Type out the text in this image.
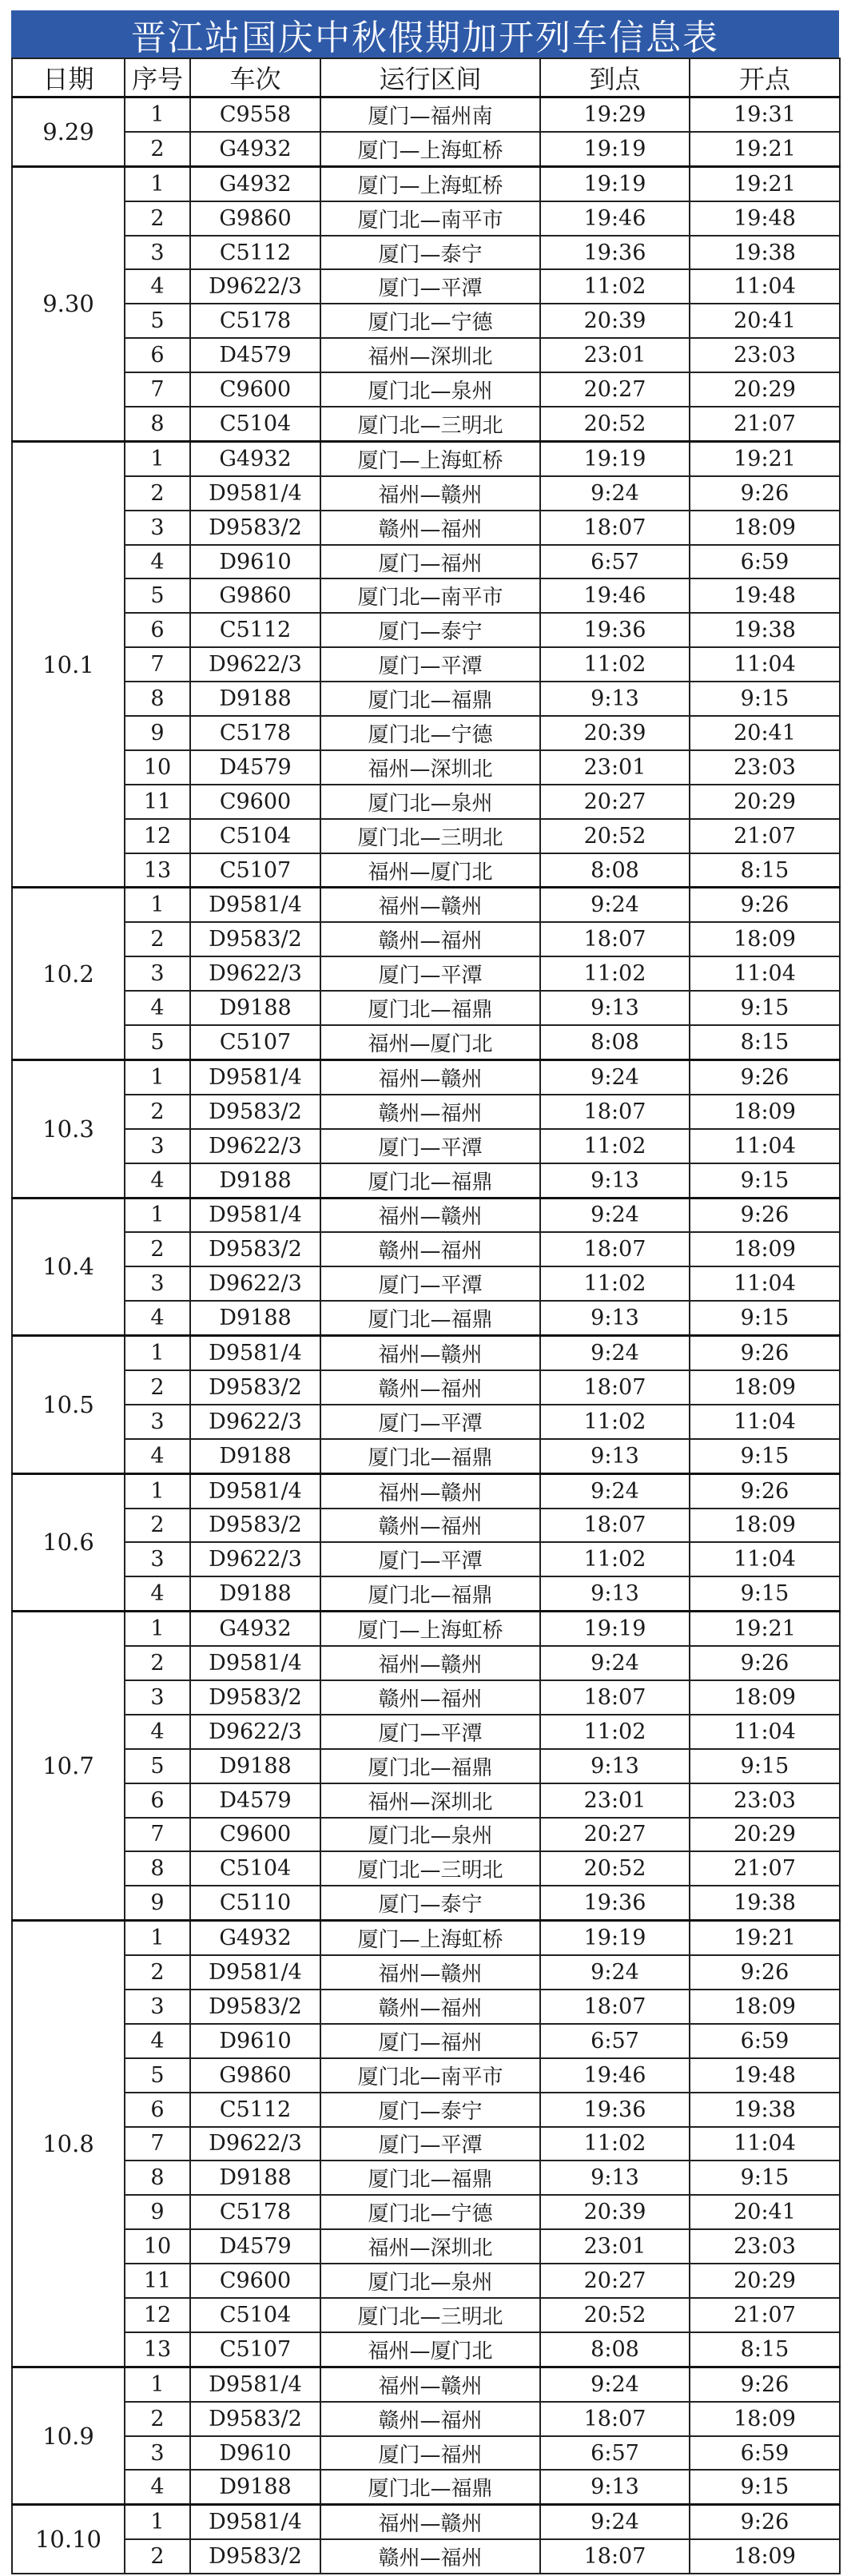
晋江站国庆中秋假期加开列车信息表
日期	序号	车次	运行区间	到点	开点
9.29	1	C9558	厦门—福州南	19:29	19:31
	2	G4932	厦门—上海虹桥	19:19	19:21
9.30	1	G4932	厦门—上海虹桥	19:19	19:21
	2	G9860	厦门北—南平市	19:46	19:48
	3	C5112	厦门—泰宁	19:36	19:38
	4	D9622/3	厦门—平潭	11:02	11:04
	5	C5178	厦门北—宁德	20:39	20:41
	6	D4579	福州—深圳北	23:01	23:03
	7	C9600	厦门北—泉州	20:27	20:29
	8	C5104	厦门北—三明北	20:52	21:07
10.1	1	G4932	厦门—上海虹桥	19:19	19:21
	2	D9581/4	福州—赣州	9:24	9:26
	3	D9583/2	赣州—福州	18:07	18:09
	4	D9610	厦门—福州	6:57	6:59
	5	G9860	厦门北—南平市	19:46	19:48
	6	C5112	厦门—泰宁	19:36	19:38
	7	D9622/3	厦门—平潭	11:02	11:04
	8	D9188	厦门北—福鼎	9:13	9:15
	9	C5178	厦门北—宁德	20:39	20:41
	10	D4579	福州—深圳北	23:01	23:03
	11	C9600	厦门北—泉州	20:27	20:29
	12	C5104	厦门北—三明北	20:52	21:07
	13	C5107	福州—厦门北	8:08	8:15
10.2	1	D9581/4	福州—赣州	9:24	9:26
	2	D9583/2	赣州—福州	18:07	18:09
	3	D9622/3	厦门—平潭	11:02	11:04
	4	D9188	厦门北—福鼎	9:13	9:15
	5	C5107	福州—厦门北	8:08	8:15
10.3	1	D9581/4	福州—赣州	9:24	9:26
	2	D9583/2	赣州—福州	18:07	18:09
	3	D9622/3	厦门—平潭	11:02	11:04
	4	D9188	厦门北—福鼎	9:13	9:15
10.4	1	D9581/4	福州—赣州	9:24	9:26
	2	D9583/2	赣州—福州	18:07	18:09
	3	D9622/3	厦门—平潭	11:02	11:04
	4	D9188	厦门北—福鼎	9:13	9:15
10.5	1	D9581/4	福州—赣州	9:24	9:26
	2	D9583/2	赣州—福州	18:07	18:09
	3	D9622/3	厦门—平潭	11:02	11:04
	4	D9188	厦门北—福鼎	9:13	9:15
10.6	1	D9581/4	福州—赣州	9:24	9:26
	2	D9583/2	赣州—福州	18:07	18:09
	3	D9622/3	厦门—平潭	11:02	11:04
	4	D9188	厦门北—福鼎	9:13	9:15
10.7	1	G4932	厦门—上海虹桥	19:19	19:21
	2	D9581/4	福州—赣州	9:24	9:26
	3	D9583/2	赣州—福州	18:07	18:09
	4	D9622/3	厦门—平潭	11:02	11:04
	5	D9188	厦门北—福鼎	9:13	9:15
	6	D4579	福州—深圳北	23:01	23:03
	7	C9600	厦门北—泉州	20:27	20:29
	8	C5104	厦门北—三明北	20:52	21:07
	9	C5110	厦门—泰宁	19:36	19:38
10.8	1	G4932	厦门—上海虹桥	19:19	19:21
	2	D9581/4	福州—赣州	9:24	9:26
	3	D9583/2	赣州—福州	18:07	18:09
	4	D9610	厦门—福州	6:57	6:59
	5	G9860	厦门北—南平市	19:46	19:48
	6	C5112	厦门—泰宁	19:36	19:38
	7	D9622/3	厦门—平潭	11:02	11:04
	8	D9188	厦门北—福鼎	9:13	9:15
	9	C5178	厦门北—宁德	20:39	20:41
	10	D4579	福州—深圳北	23:01	23:03
	11	C9600	厦门北—泉州	20:27	20:29
	12	C5104	厦门北—三明北	20:52	21:07
	13	C5107	福州—厦门北	8:08	8:15
10.9	1	D9581/4	福州—赣州	9:24	9:26
	2	D9583/2	赣州—福州	18:07	18:09
	3	D9610	厦门—福州	6:57	6:59
	4	D9188	厦门北—福鼎	9:13	9:15
10.10	1	D9581/4	福州—赣州	9:24	9:26
	2	D9583/2	赣州—福州	18:07	18:09
